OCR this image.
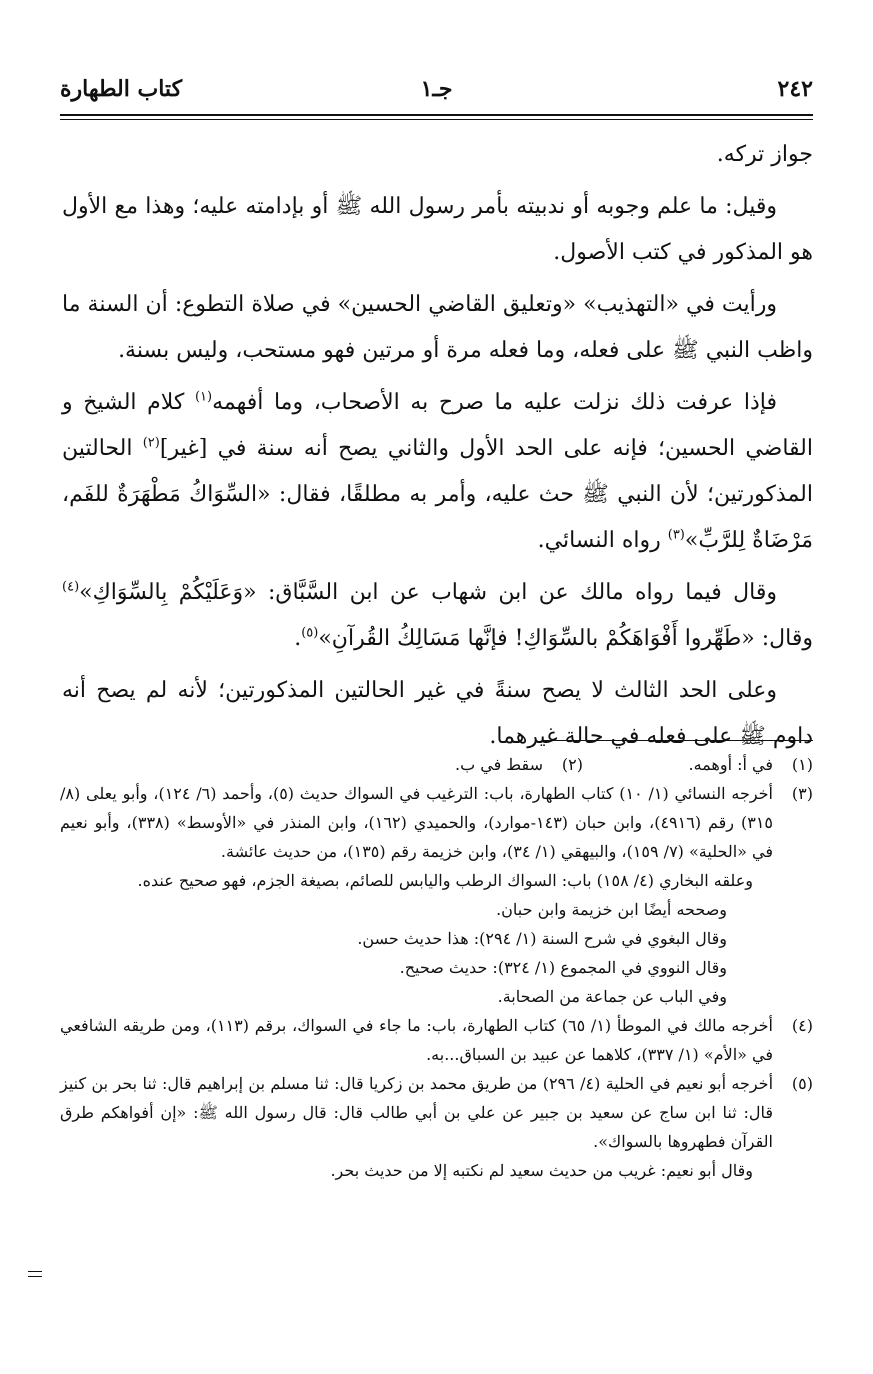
٢٤٢
جـ١
كتاب الطهارة

جواز تركه.

وقيل: ما علم وجوبه أو ندبيته بأمر رسول الله ﷺ أو بإدامته عليه؛ وهذا مع الأول هو المذكور في كتب الأصول.

ورأيت في «التهذيب» «وتعليق القاضي الحسين» في صلاة التطوع: أن السنة ما واظب النبي ﷺ على فعله، وما فعله مرة أو مرتين فهو مستحب، وليس بسنة.

فإذا عرفت ذلك نزلت عليه ما صرح به الأصحاب، وما أفهمه$^{(١)}$ كلام الشيخ و القاضي الحسين؛ فإنه على الحد الأول والثاني يصح أنه سنة في [غير]$^{(٢)}$ الحالتين المذكورتين؛ لأن النبي ﷺ حث عليه، وأمر به مطلقًا، فقال: «السِّوَاكُ مَطْهَرَةٌ للفَم، مَرْضَاةٌ لِلرَّبِّ»$^{(٣)}$ رواه النسائي.

وقال فيما رواه مالك عن ابن شهاب عن ابن السَّبَّاق: «وَعَلَيْكُمْ بِالسِّوَاكِ»$^{(٤)}$ وقال: «طَهِّروا أَفْوَاهَكُمْ بالسِّوَاكِ! فإنَّها مَسَالِكُ القُرآنِ»$^{(٥)}$.

وعلى الحد الثالث لا يصح سنةً في غير الحالتين المذكورتين؛ لأنه لم يصح أنه داوم ﷺ على فعله في حالة غيرهما.

(١)
في أ: أوهمه.
(٢)
سقط في ب.
(٣)

أخرجه النسائي (١/ ١٠) كتاب الطهارة، باب: الترغيب في السواك حديث (٥)، وأحمد (٦/ ١٢٤)، وأبو يعلى (٨/ ٣١٥) رقم (٤٩١٦)، وابن حبان (١٤٣-موارد)، والحميدي (١٦٢)، وابن المنذر في «الأوسط» (٣٣٨)، وأبو نعيم في «الحلية» (٧/ ١٥٩)، والبيهقي (١/ ٣٤)، وابن خزيمة رقم (١٣٥)، من حديث عائشة.

وعلقه البخاري (٤/ ١٥٨) باب: السواك الرطب واليابس للصائم، بصيغة الجزم، فهو صحيح عنده.

وصححه أيضًا ابن خزيمة وابن حبان.

وقال البغوي في شرح السنة (١/ ٢٩٤): هذا حديث حسن.

وقال النووي في المجموع (١/ ٣٢٤): حديث صحيح.

وفي الباب عن جماعة من الصحابة.

(٤)

أخرجه مالك في الموطأ (١/ ٦٥) كتاب الطهارة، باب: ما جاء في السواك، برقم (١١٣)، ومن طريقه الشافعي في «الأم» (١/ ٣٣٧)، كلاهما عن عبيد بن السباق...به.

(٥)

أخرجه أبو نعيم في الحلية (٤/ ٢٩٦) من طريق محمد بن زكريا قال: ثنا مسلم بن إبراهيم قال: ثنا بحر بن كنيز قال: ثنا ابن ساج عن سعيد بن جبير عن علي بن أبي طالب قال: قال رسول الله ﷺ: «إن أفواهكم طرق القرآن فطهروها بالسواك».

وقال أبو نعيم: غريب من حديث سعيد لم نكتبه إلا من حديث بحر.
